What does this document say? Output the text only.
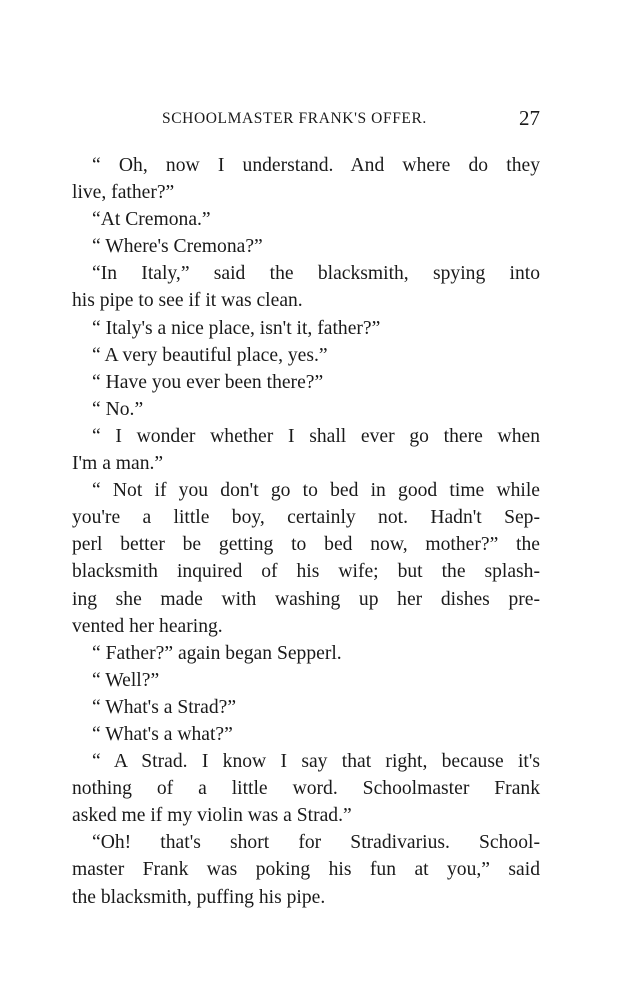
SCHOOLMASTER FRANK'S OFFER.	27
“ Oh, now I understand. And where do they
live, father?”
“At Cremona.”
“ Where's Cremona?”
“In Italy,” said the blacksmith, spying into
his pipe to see if it was clean.
“ Italy's a nice place, isn't it, father?”
“ A very beautiful place, yes.”
“ Have you ever been there?”
“ No.”
“ I wonder whether I shall ever go there when
I'm a man.”
“ Not if you don't go to bed in good time while
you're a little boy, certainly not. Hadn't Sep-
perl better be getting to bed now, mother?” the
blacksmith inquired of his wife; but the splash-
ing she made with washing up her dishes pre-
vented her hearing.
“ Father?” again began Sepperl.
“ Well?”
“ What's a Strad?”
“ What's a what?”
“ A Strad. I know I say that right, because it's
nothing of a little word. Schoolmaster Frank
asked me if my violin was a Strad.”
“Oh! that's short for Stradivarius. School-
master Frank was poking his fun at you,” said
the blacksmith, puffing his pipe.
